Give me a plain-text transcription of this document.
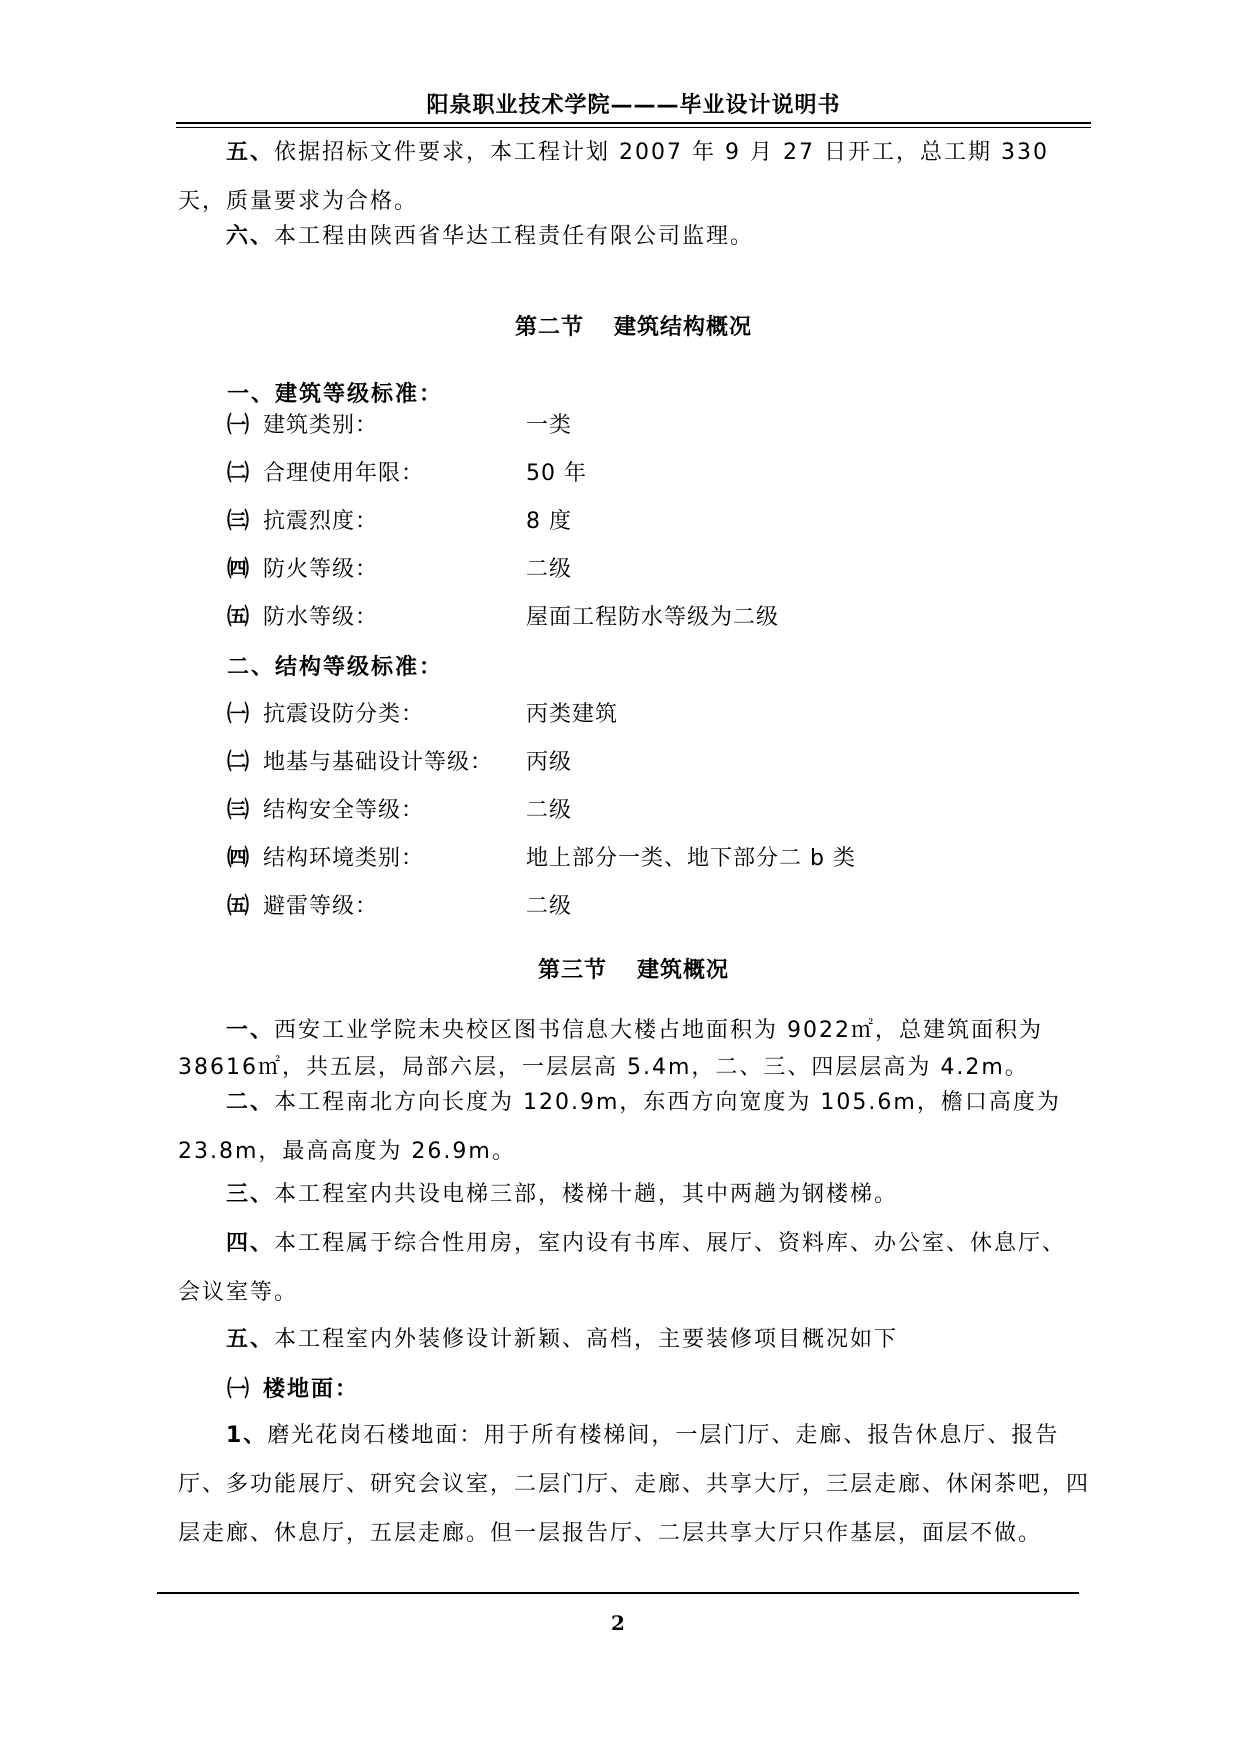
阳泉职业技术学院———毕业设计说明书
五、依据招标文件要求，本工程计划 2007 年 9 月 27 日开工，总工期 330 天，质量要求为合格。
六、本工程由陕西省华达工程责任有限公司监理。
第二节 建筑结构概况
一、建筑等级标准：
㈠ 建筑类别：	一类
㈡ 合理使用年限：	50 年
㈢ 抗震烈度：	8 度
㈣ 防火等级：	二级
㈤ 防水等级：	屋面工程防水等级为二级
二、结构等级标准：
㈠ 抗震设防分类：	丙类建筑
㈡ 地基与基础设计等级： 丙级
㈢ 结构安全等级：	二级
㈣ 结构环境类别：	地上部分一类、地下部分二 b 类
㈤ 避雷等级：	二级
第三节 建筑概况
一、西安工业学院未央校区图书信息大楼占地面积为 9022㎡，总建筑面积为 38616㎡，共五层，局部六层，一层层高 5.4m，二、三、四层层高为 4.2m。
二、本工程南北方向长度为 120.9m，东西方向宽度为 105.6m，檐口高度为 23.8m，最高高度为 26.9m。
三、本工程室内共设电梯三部，楼梯十趟，其中两趟为钢楼梯。
四、本工程属于综合性用房，室内设有书库、展厅、资料库、办公室、休息厅、会议室等。
五、本工程室内外装修设计新颖、高档，主要装修项目概况如下
㈠ 楼地面：
1、磨光花岗石楼地面：用于所有楼梯间，一层门厅、走廊、报告休息厅、报告厅、多功能展厅、研究会议室，二层门厅、走廊、共享大厅，三层走廊、休闲茶吧，四层走廊、休息厅，五层走廊。但一层报告厅、二层共享大厅只作基层，面层不做。
2
